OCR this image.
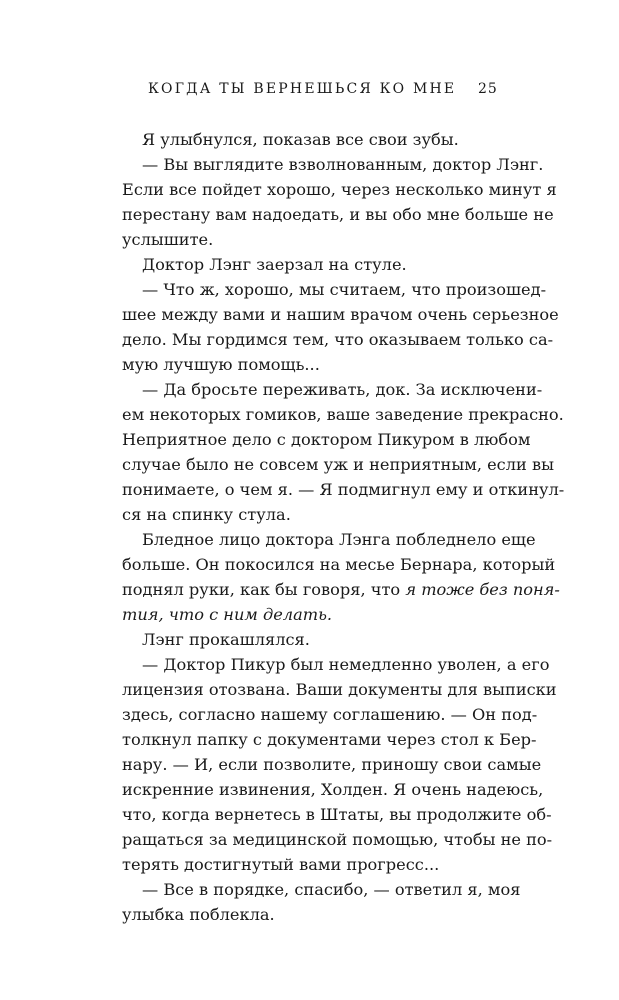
КОГДА ТЫ ВЕРНЕШЬСЯ КО МНЕ 25
Я улыбнулся, показав все свои зубы.
— Вы выглядите взволнованным, доктор Лэнг.
Если все пойдет хорошо, через несколько минут я
перестану вам надоедать, и вы обо мне больше не
услышите.
Доктор Лэнг заерзал на стуле.
— Что ж, хорошо, мы считаем, что произошед-
шее между вами и нашим врачом очень серьезное
дело. Мы гордимся тем, что оказываем только са-
мую лучшую помощь...
— Да бросьте переживать, док. За исключени-
ем некоторых гомиков, ваше заведение прекрасно.
Неприятное дело с доктором Пикуром в любом
случае было не совсем уж и неприятным, если вы
понимаете, о чем я. — Я подмигнул ему и откинул-
ся на спинку стула.
Бледное лицо доктора Лэнга побледнело еще
больше. Он покосился на месье Бернара, который
поднял руки, как бы говоря, что я тоже без поня-
тия, что с ним делать.
Лэнг прокашлялся.
— Доктор Пикур был немедленно уволен, а его
лицензия отозвана. Ваши документы для выписки
здесь, согласно нашему соглашению. — Он под-
толкнул папку с документами через стол к Бер-
нару. — И, если позволите, приношу свои самые
искренние извинения, Холден. Я очень надеюсь,
что, когда вернетесь в Штаты, вы продолжите об-
ращаться за медицинской помощью, чтобы не по-
терять достигнутый вами прогресс...
— Все в порядке, спасибо, — ответил я, моя
улыбка поблекла.
